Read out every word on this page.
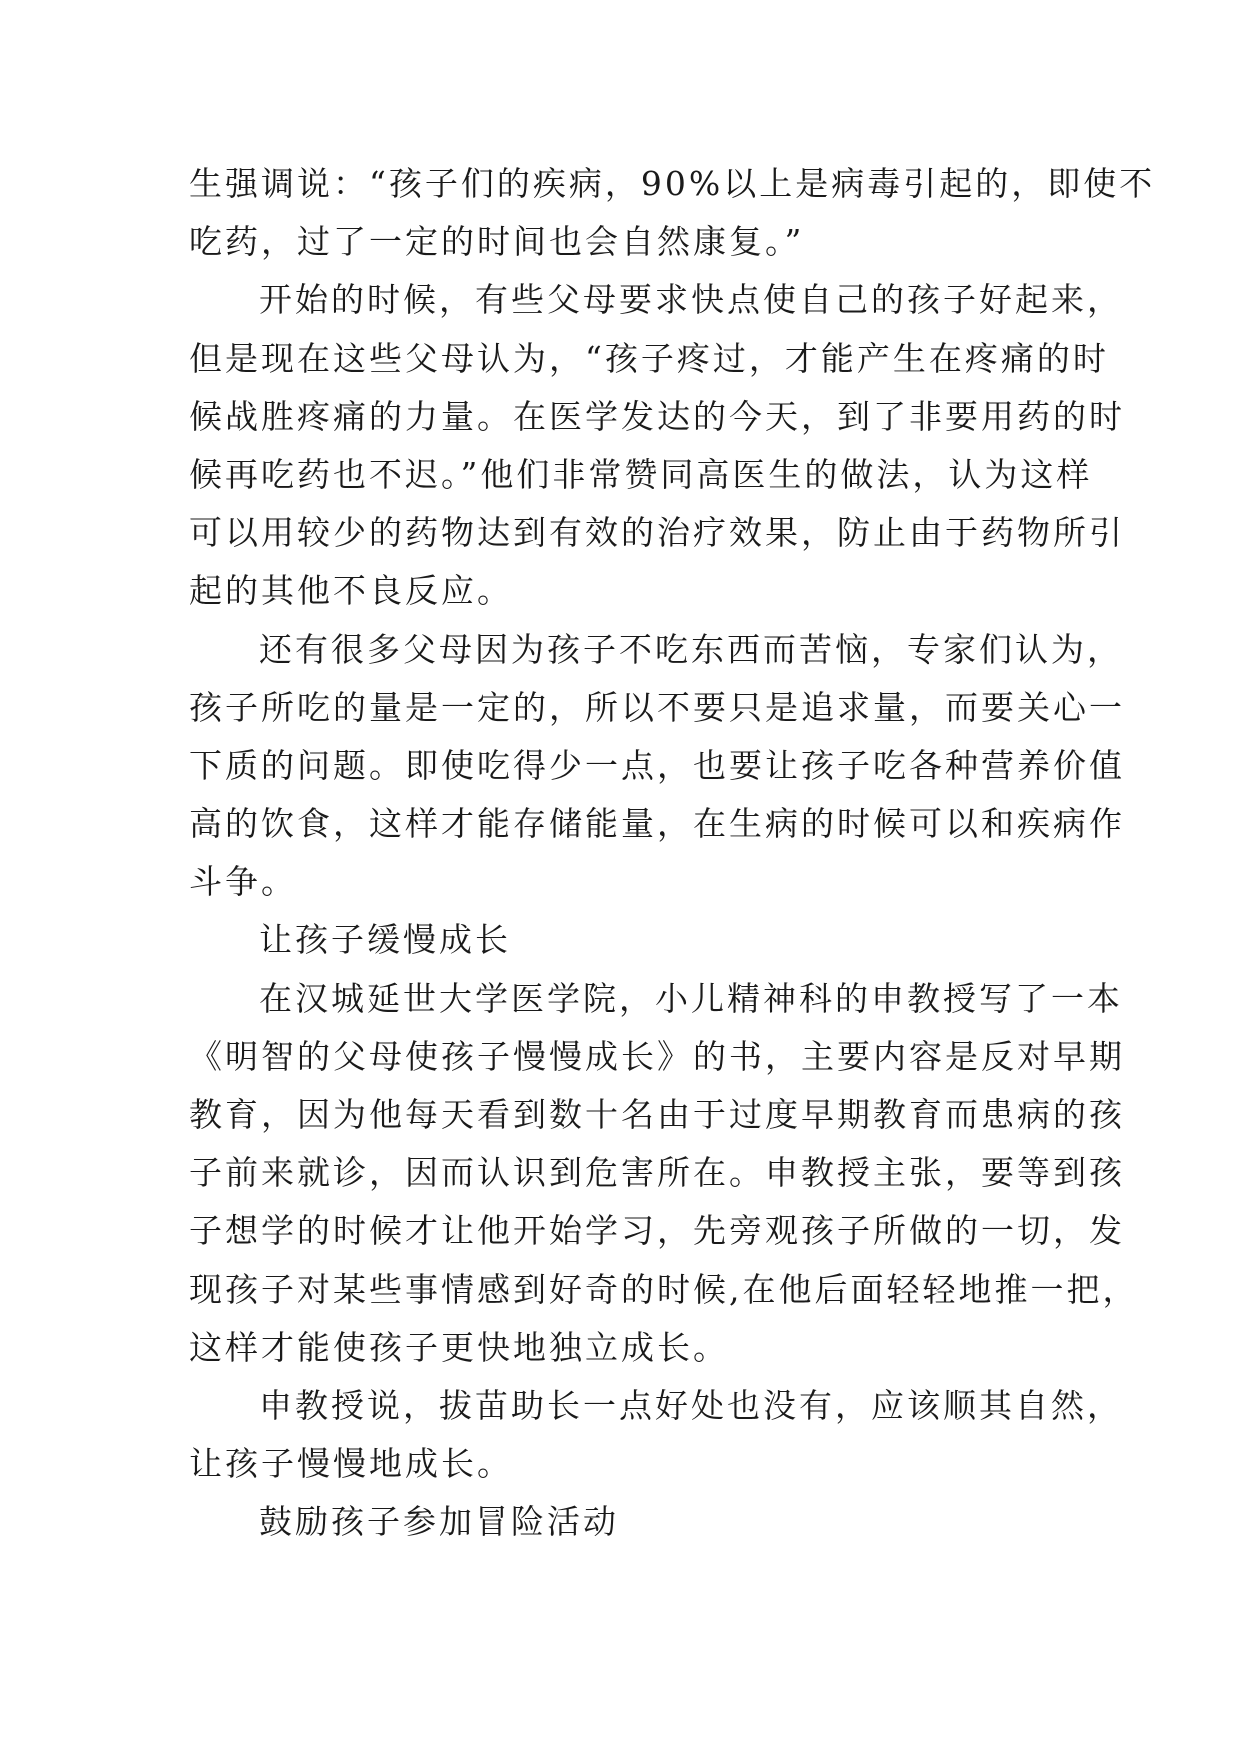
生强调说：“孩子们的疾病，90%以上是病毒引起的，即使不
吃药，过了一定的时间也会自然康复。”
开始的时候，有些父母要求快点使自己的孩子好起来，
但是现在这些父母认为，“孩子疼过，才能产生在疼痛的时
候战胜疼痛的力量。在医学发达的今天，到了非要用药的时
候再吃药也不迟。”他们非常赞同高医生的做法，认为这样
可以用较少的药物达到有效的治疗效果，防止由于药物所引
起的其他不良反应。
还有很多父母因为孩子不吃东西而苦恼，专家们认为，
孩子所吃的量是一定的，所以不要只是追求量，而要关心一
下质的问题。即使吃得少一点，也要让孩子吃各种营养价值
高的饮食，这样才能存储能量，在生病的时候可以和疾病作
斗争。
让孩子缓慢成长
在汉城延世大学医学院，小儿精神科的申教授写了一本
《明智的父母使孩子慢慢成长》的书，主要内容是反对早期
教育，因为他每天看到数十名由于过度早期教育而患病的孩
子前来就诊，因而认识到危害所在。申教授主张，要等到孩
子想学的时候才让他开始学习，先旁观孩子所做的一切，发
现孩子对某些事情感到好奇的时候,在他后面轻轻地推一把，
这样才能使孩子更快地独立成长。
申教授说，拔苗助长一点好处也没有，应该顺其自然，
让孩子慢慢地成长。
鼓励孩子参加冒险活动
